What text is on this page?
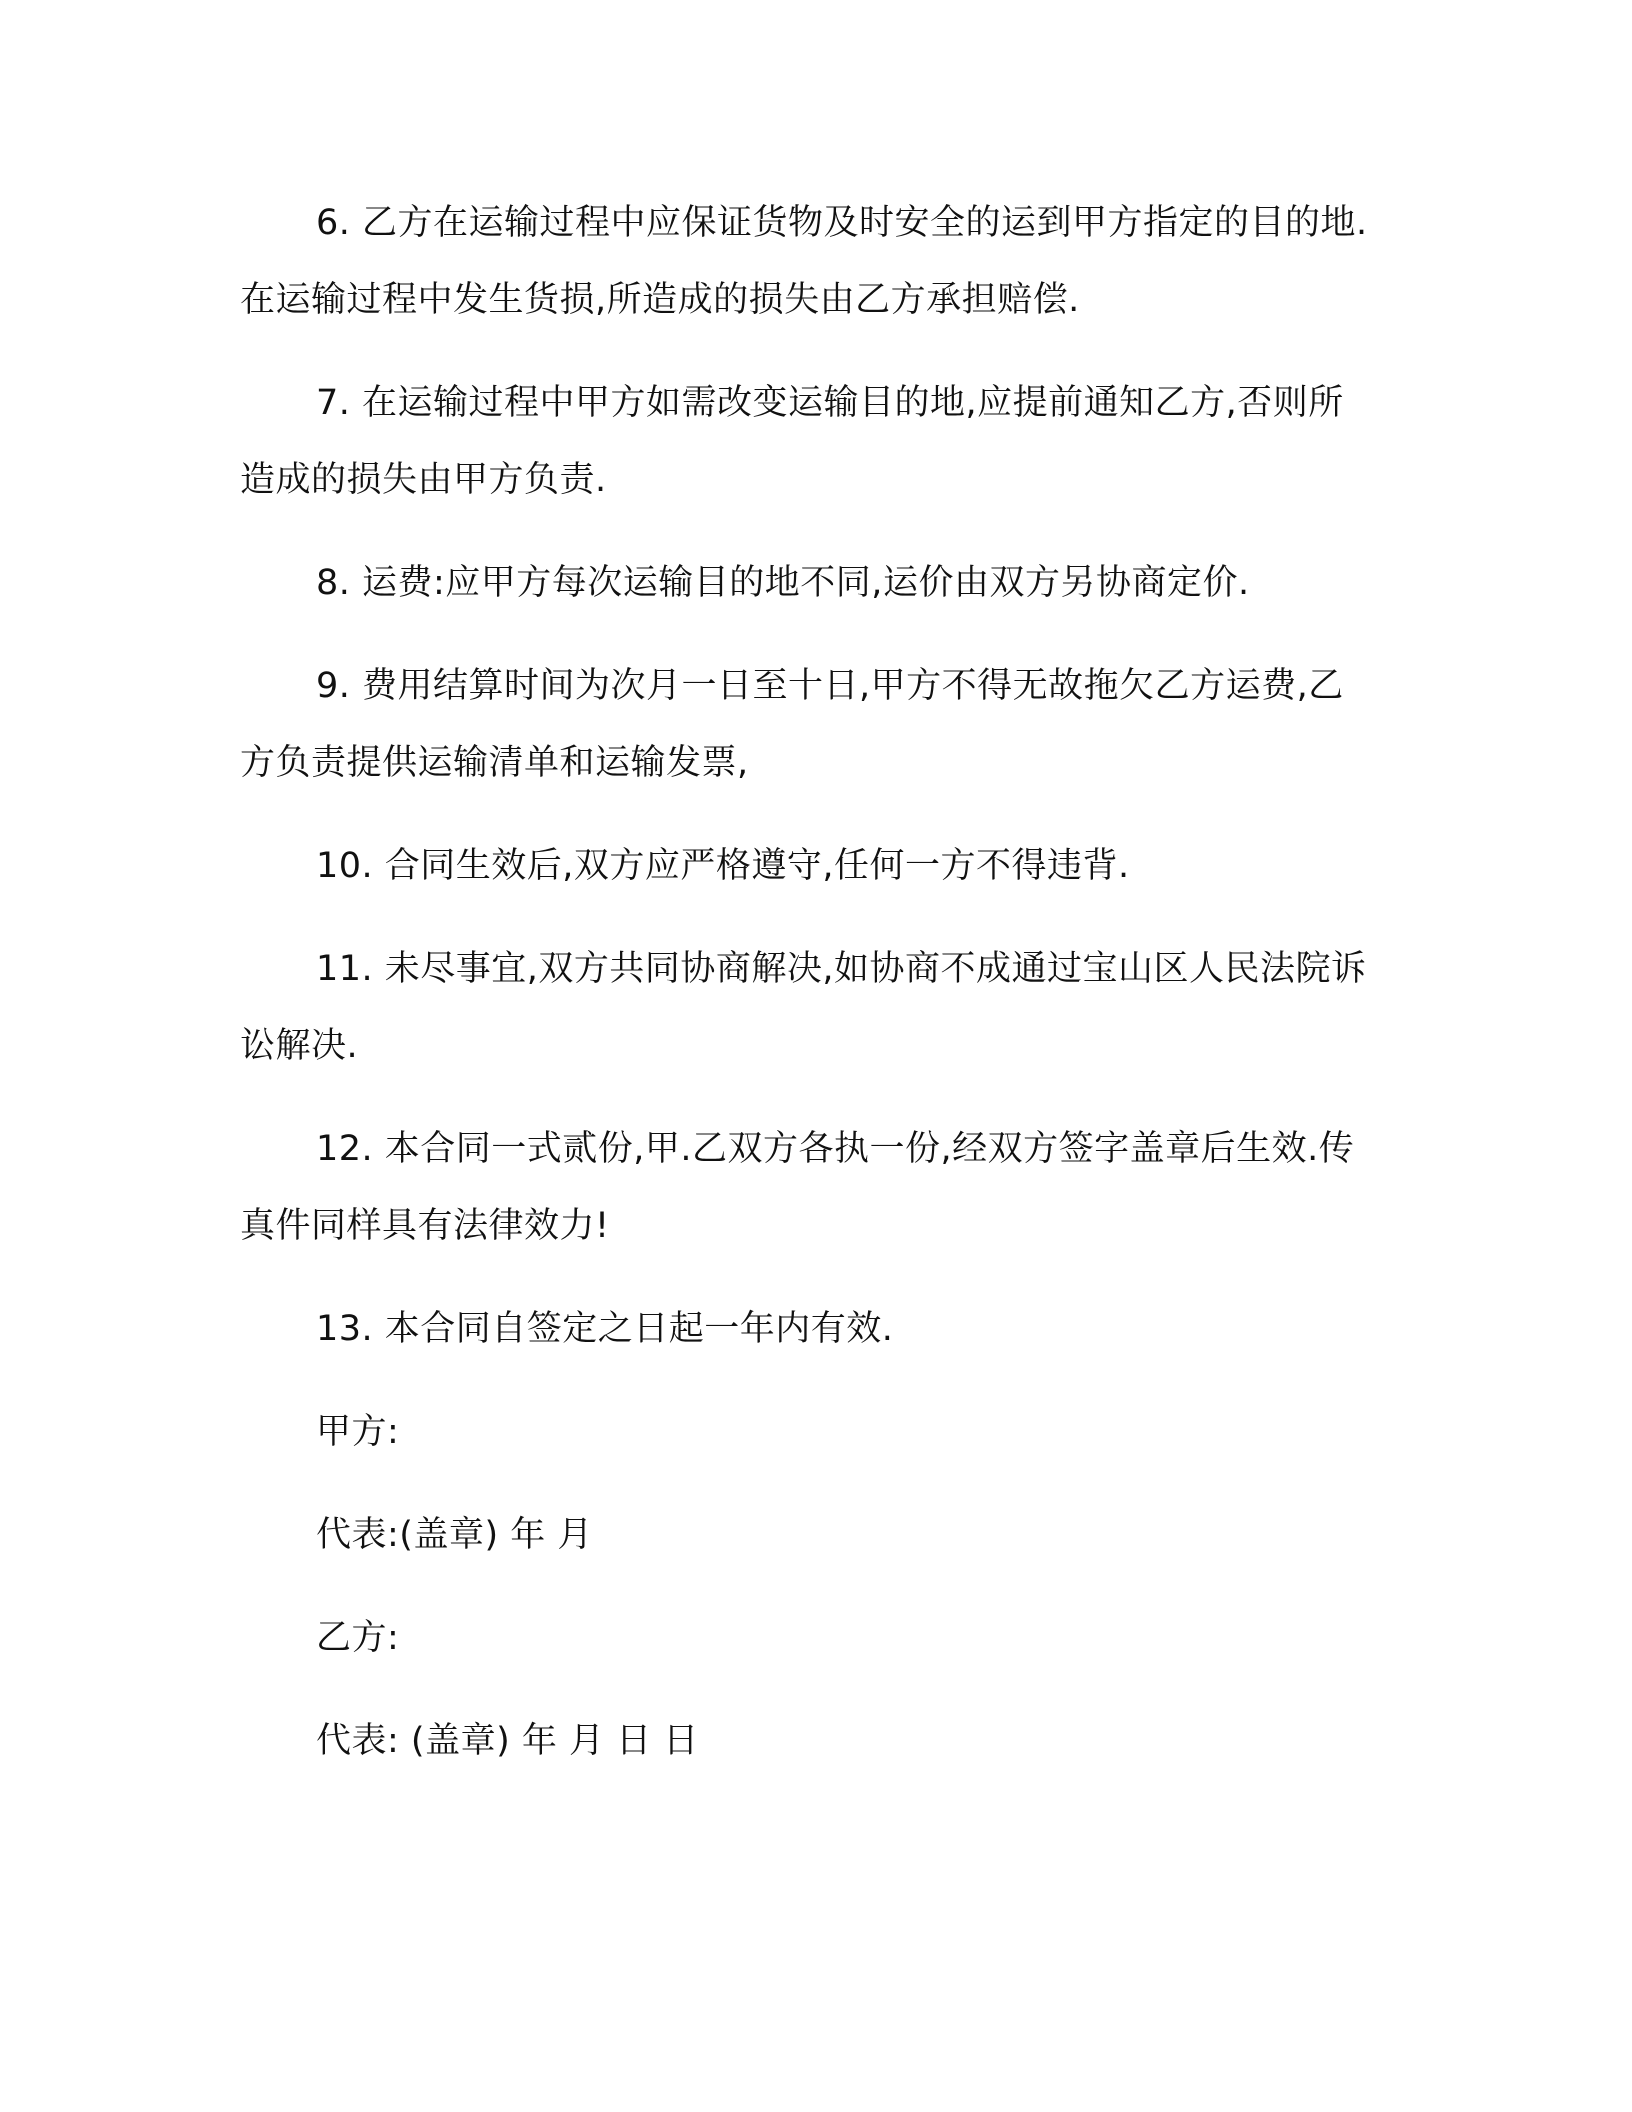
6. 乙方在运输过程中应保证货物及时安全的运到甲方指定的目的地.在运输过程中发生货损,所造成的损失由乙方承担赔偿.

7. 在运输过程中甲方如需改变运输目的地,应提前通知乙方,否则所造成的损失由甲方负责.

8. 运费:应甲方每次运输目的地不同,运价由双方另协商定价.

9. 费用结算时间为次月一日至十日,甲方不得无故拖欠乙方运费,乙方负责提供运输清单和运输发票,

10. 合同生效后,双方应严格遵守,任何一方不得违背.

11. 未尽事宜,双方共同协商解决,如协商不成通过宝山区人民法院诉讼解决.

12. 本合同一式贰份,甲.乙双方各执一份,经双方签字盖章后生效.传真件同样具有法律效力!

13. 本合同自签定之日起一年内有效.

甲方:

代表:(盖章) 年 月

乙方:

代表: (盖章) 年 月 日 日
